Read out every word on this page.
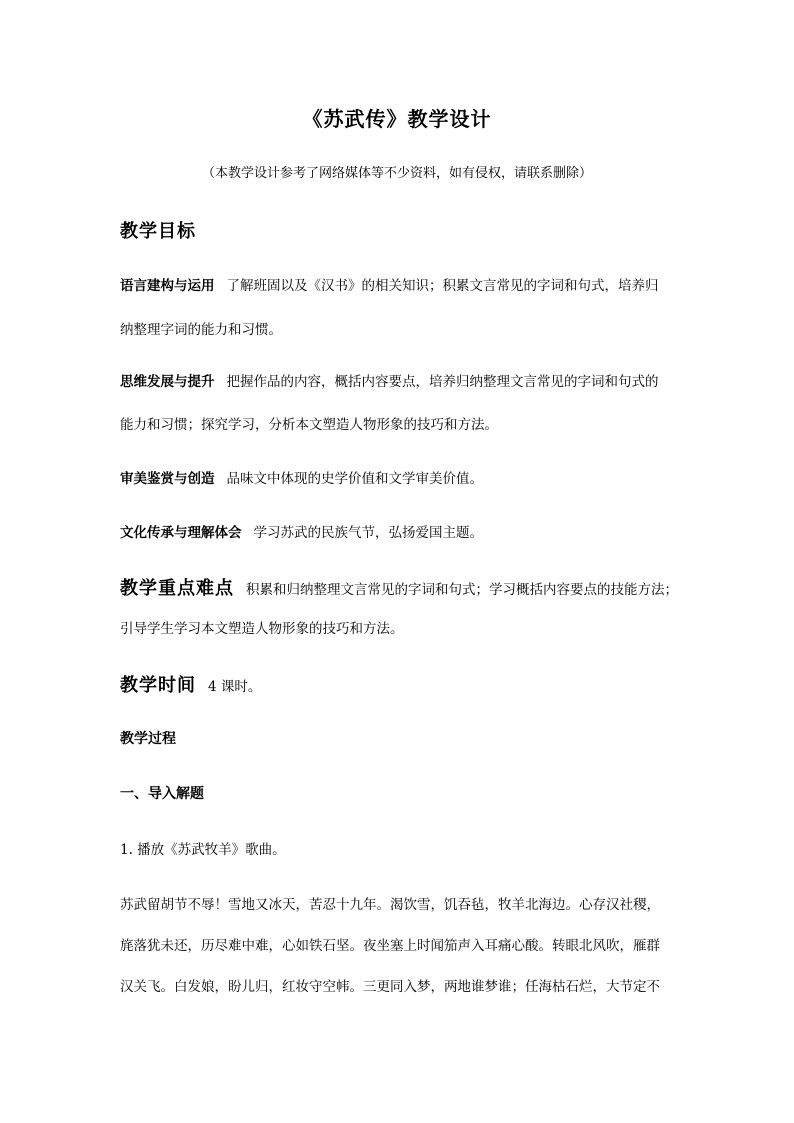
《苏武传》教学设计
（本教学设计参考了网络媒体等不少资料，如有侵权，请联系删除）
教学目标
语言建构与运用 了解班固以及《汉书》的相关知识；积累文言常见的字词和句式，培养归
纳整理字词的能力和习惯。
思维发展与提升 把握作品的内容，概括内容要点，培养归纳整理文言常见的字词和句式的
能力和习惯；探究学习，分析本文塑造人物形象的技巧和方法。
审美鉴赏与创造 品味文中体现的史学价值和文学审美价值。
文化传承与理解体会 学习苏武的民族气节，弘扬爱国主题。
教学重点难点 积累和归纳整理文言常见的字词和句式；学习概括内容要点的技能方法；
引导学生学习本文塑造人物形象的技巧和方法。
教学时间 4 课时。
教学过程
一、导入解题
1. 播放《苏武牧羊》歌曲。
苏武留胡节不辱！雪地又冰天，苦忍十九年。渴饮雪，饥吞毡，牧羊北海边。心存汉社稷，
旄落犹未还，历尽难中难，心如铁石坚。夜坐塞上时闻笳声入耳痛心酸。转眼北风吹，雁群
汉关飞。白发娘，盼儿归，红妆守空帏。三更同入梦，两地谁梦谁；任海枯石烂，大节定不
